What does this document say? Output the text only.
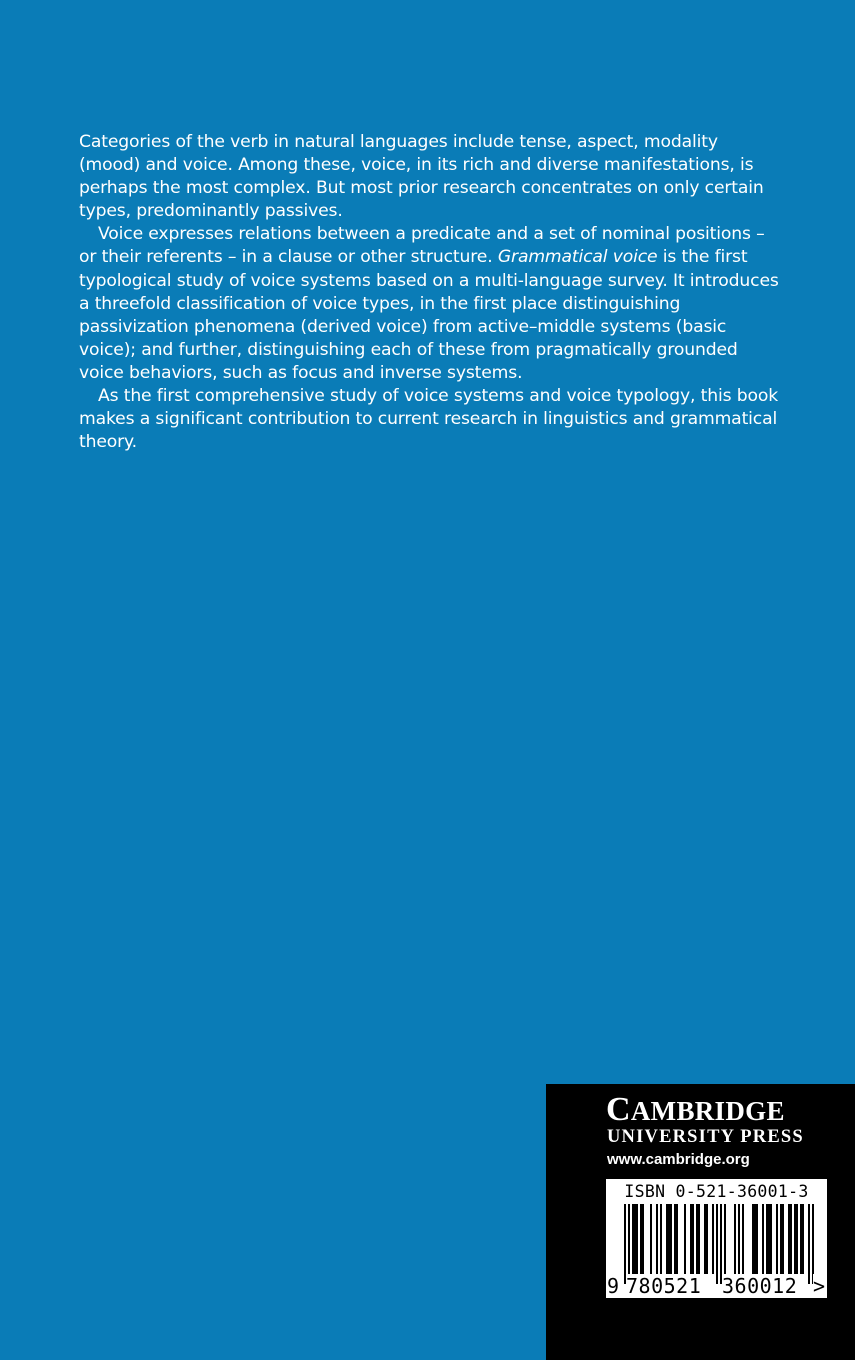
Categories of the verb in natural languages include tense, aspect, modality (mood) and voice. Among these, voice, in its rich and diverse manifestations, is perhaps the most complex. But most prior research concentrates on only certain types, predominantly passives.

Voice expresses relations between a predicate and a set of nominal positions – or their referents – in a clause or other structure. Grammatical voice is the first typological study of voice systems based on a multi-language survey. It introduces a threefold classification of voice types, in the first place distinguishing passivization phenomena (derived voice) from active–middle systems (basic voice); and further, distinguishing each of these from pragmatically grounded voice behaviors, such as focus and inverse systems.

As the first comprehensive study of voice systems and voice typology, this book makes a significant contribution to current research in linguistics and grammatical theory.

CAMBRIDGE
UNIVERSITY PRESS
www.cambridge.org
ISBN 0-521-36001-3
9 780521 360012 >
